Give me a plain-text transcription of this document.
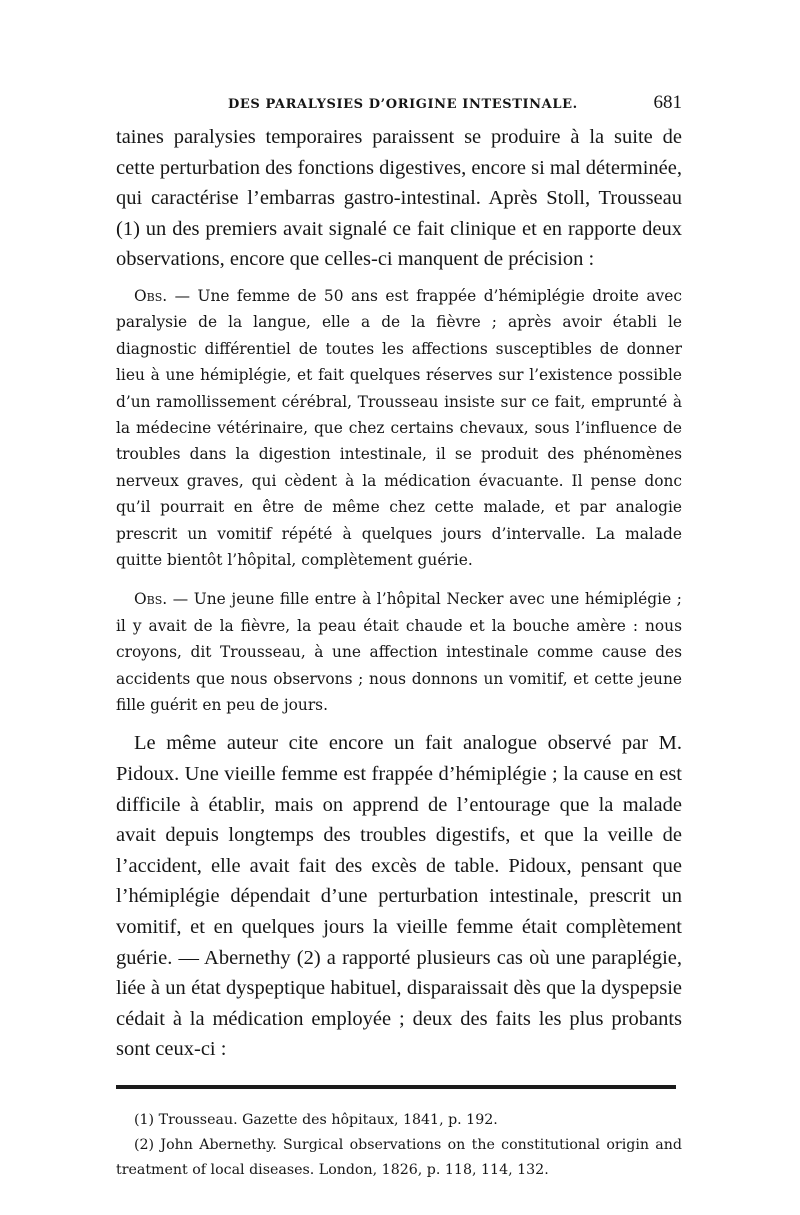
DES PARALYSIES D’ORIGINE INTESTINALE.	681

taines paralysies temporaires paraissent se produire à la suite de cette perturbation des fonctions digestives, encore si mal déterminée, qui caractérise l’embarras gastro-intestinal. Après Stoll, Trousseau (1) un des premiers avait signalé ce fait clinique et en rapporte deux observations, encore que celles-ci manquent de précision :

Obs. — Une femme de 50 ans est frappée d’hémiplégie droite avec paralysie de la langue, elle a de la fièvre ; après avoir établi le diagnostic différentiel de toutes les affections susceptibles de donner lieu à une hémiplégie, et fait quelques réserves sur l’existence possible d’un ramollissement cérébral, Trousseau insiste sur ce fait, emprunté à la médecine vétérinaire, que chez certains chevaux, sous l’influence de troubles dans la digestion intestinale, il se produit des phénomènes nerveux graves, qui cèdent à la médication évacuante. Il pense donc qu’il pourrait en être de même chez cette malade, et par analogie prescrit un vomitif répété à quelques jours d’intervalle. La malade quitte bientôt l’hôpital, complètement guérie.

Obs. — Une jeune fille entre à l’hôpital Necker avec une hémiplégie ; il y avait de la fièvre, la peau était chaude et la bouche amère : nous croyons, dit Trousseau, à une affection intestinale comme cause des accidents que nous observons ; nous donnons un vomitif, et cette jeune fille guérit en peu de jours.

Le même auteur cite encore un fait analogue observé par M. Pidoux. Une vieille femme est frappée d’hémiplégie ; la cause en est difficile à établir, mais on apprend de l’entourage que la malade avait depuis longtemps des troubles digestifs, et que la veille de l’accident, elle avait fait des excès de table. Pidoux, pensant que l’hémiplégie dépendait d’une perturbation intestinale, prescrit un vomitif, et en quelques jours la vieille femme était complètement guérie. — Abernethy (2) a rapporté plusieurs cas où une paraplégie, liée à un état dyspeptique habituel, disparaissait dès que la dyspepsie cédait à la médication employée ; deux des faits les plus probants sont ceux-ci :

(1) Trousseau. Gazette des hôpitaux, 1841, p. 192.

(2) John Abernethy. Surgical observations on the constitutional origin and treatment of local diseases. London, 1826, p. 118, 114, 132.
